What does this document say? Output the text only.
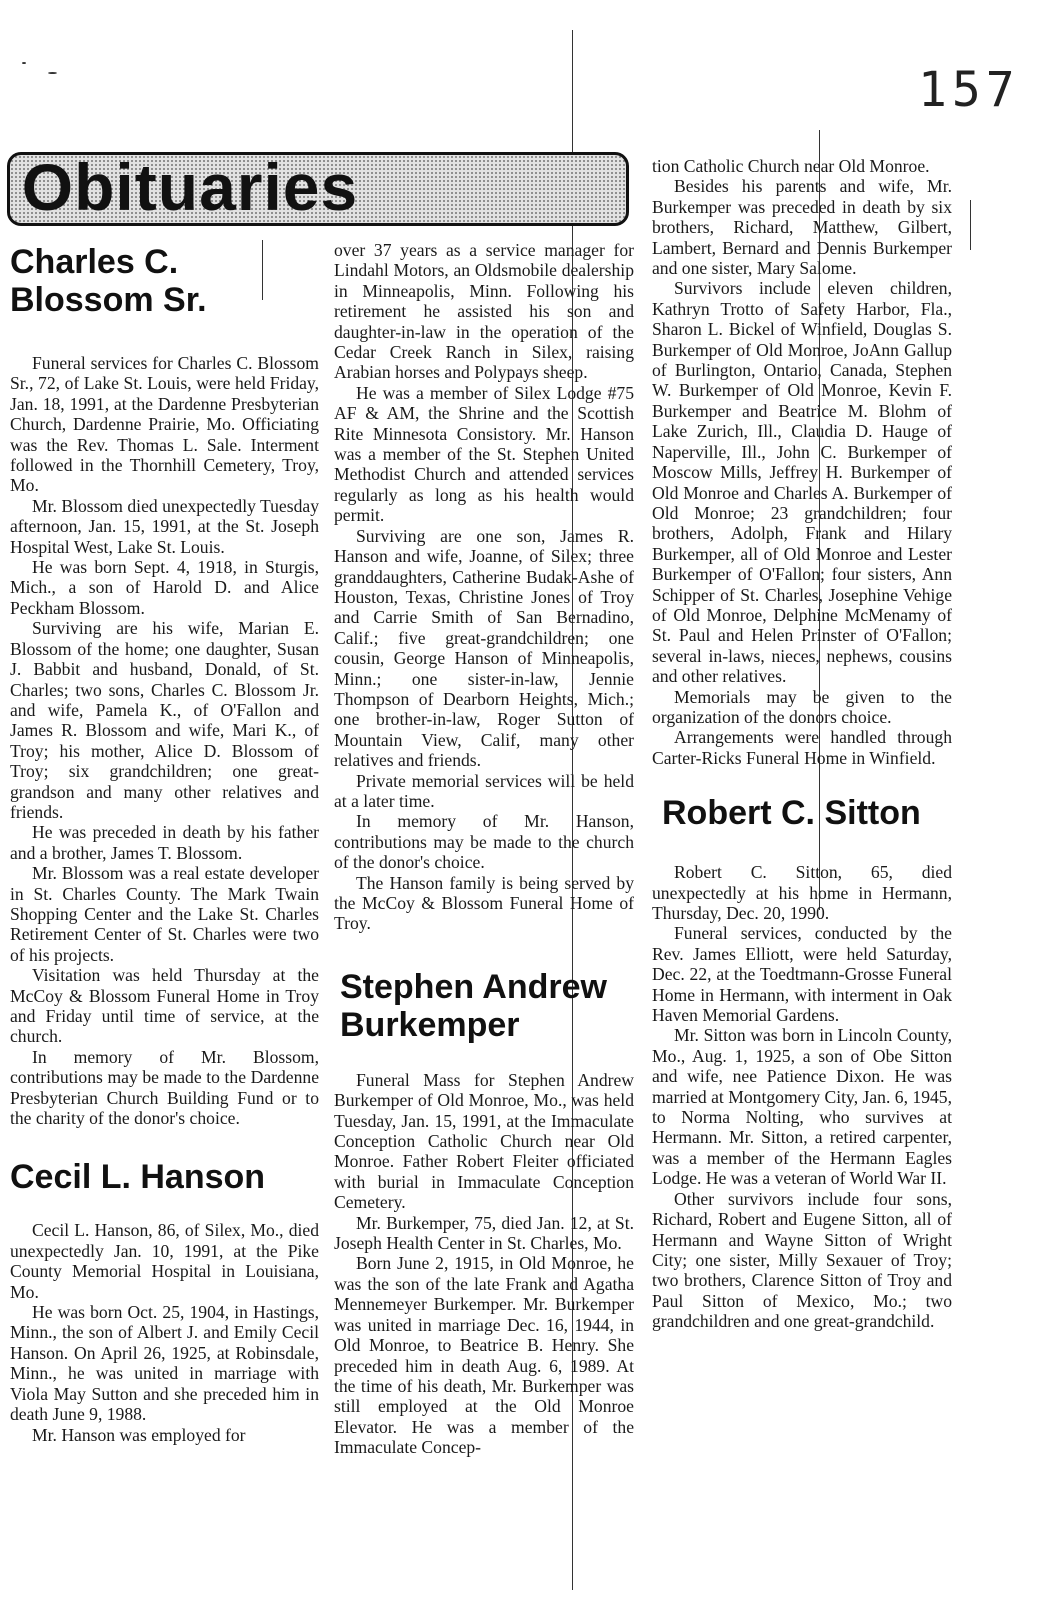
157
Obituaries
Charles C.
Blossom Sr.

Funeral services for Charles C. Blossom Sr., 72, of Lake St. Louis, were held Friday, Jan. 18, 1991, at the Dardenne Presbyterian Church, Dardenne Prairie, Mo. Officiating was the Rev. Thomas L. Sale. Interment followed in the Thornhill Cemetery, Troy, Mo.

Mr. Blossom died unexpectedly Tuesday afternoon, Jan. 15, 1991, at the St. Joseph Hospital West, Lake St. Louis.

He was born Sept. 4, 1918, in Sturgis, Mich., a son of Harold D. and Alice Peckham Blossom.

Surviving are his wife, Marian E. Blossom of the home; one daughter, Susan J. Babbit and husband, Donald, of St. Charles; two sons, Charles C. Blossom Jr. and wife, Pamela K., of O'Fallon and James R. Blossom and wife, Mari K., of Troy; his mother, Alice D. Blossom of Troy; six grandchildren; one great-grandson and many other relatives and friends.

He was preceded in death by his father and a brother, James T. Blossom.

Mr. Blossom was a real estate developer in St. Charles County. The Mark Twain Shopping Center and the Lake St. Charles Retirement Center of St. Charles were two of his projects.

Visitation was held Thursday at the McCoy & Blossom Funeral Home in Troy and Friday until time of service, at the church.

In memory of Mr. Blossom, contributions may be made to the Dardenne Presbyterian Church Building Fund or to the charity of the donor's choice.

Cecil L. Hanson

Cecil L. Hanson, 86, of Silex, Mo., died unexpectedly Jan. 10, 1991, at the Pike County Memorial Hospital in Louisiana, Mo.

He was born Oct. 25, 1904, in Hastings, Minn., the son of Albert J. and Emily Cecil Hanson. On April 26, 1925, at Robinsdale, Minn., he was united in marriage with Viola May Sutton and she preceded him in death June 9, 1988.

Mr. Hanson was employed for

over 37 years as a service manager for Lindahl Motors, an Oldsmobile dealership in Minneapolis, Minn. Following his retirement he assisted his son and daughter-in-law in the operation of the Cedar Creek Ranch in Silex, raising Arabian horses and Polypays sheep.

He was a member of Silex Lodge #75 AF & AM, the Shrine and the Scottish Rite Minnesota Consistory. Mr. Hanson was a member of the St. Stephen United Methodist Church and attended services regularly as long as his health would permit.

Surviving are one son, James R. Hanson and wife, Joanne, of Silex; three granddaughters, Catherine Budak-Ashe of Houston, Texas, Christine Jones of Troy and Carrie Smith of San Bernadino, Calif.; five great-grandchildren; one cousin, George Hanson of Minneapolis, Minn.; one sister-in-law, Jennie Thompson of Dearborn Heights, Mich.; one brother-in-law, Roger Sutton of Mountain View, Calif, many other relatives and friends.

Private memorial services will be held at a later time.

In memory of Mr. Hanson, contributions may be made to the church of the donor's choice.

The Hanson family is being served by the McCoy & Blossom Funeral Home of Troy.

Stephen Andrew
Burkemper

Funeral Mass for Stephen Andrew Burkemper of Old Monroe, Mo., was held Tuesday, Jan. 15, 1991, at the Immaculate Conception Catholic Church near Old Monroe. Father Robert Fleiter officiated with burial in Immaculate Conception Cemetery.

Mr. Burkemper, 75, died Jan. 12, at St. Joseph Health Center in St. Charles, Mo.

Born June 2, 1915, in Old Monroe, he was the son of the late Frank and Agatha Mennemeyer Burkemper. Mr. Burkemper was united in marriage Dec. 16, 1944, in Old Monroe, to Beatrice B. Henry. She preceded him in death Aug. 6, 1989. At the time of his death, Mr. Burkemper was still employed at the Old Monroe Elevator. He was a member of the Immaculate Concep-

tion Catholic Church near Old Monroe.

Besides his parents and wife, Mr. Burkemper was preceded in death by six brothers, Richard, Matthew, Gilbert, Lambert, Bernard and Dennis Burkemper and one sister, Mary Salome.

Survivors include eleven children, Kathryn Trotto of Safety Harbor, Fla., Sharon L. Bickel of Winfield, Douglas S. Burkemper of Old Monroe, JoAnn Gallup of Burlington, Ontario, Canada, Stephen W. Burkemper of Old Monroe, Kevin F. Burkemper and Beatrice M. Blohm of Lake Zurich, Ill., Claudia D. Hauge of Naperville, Ill., John C. Burkemper of Moscow Mills, Jeffrey H. Burkemper of Old Monroe and Charles A. Burkemper of Old Monroe; 23 grandchildren; four brothers, Adolph, Frank and Hilary Burkemper, all of Old Monroe and Lester Burkemper of O'Fallon; four sisters, Ann Schipper of St. Charles, Josephine Vehige of Old Monroe, Delphine McMenamy of St. Paul and Helen Prinster of O'Fallon; several in-laws, nieces, nephews, cousins and other relatives.

Memorials may be given to the organization of the donors choice.

Arrangements were handled through Carter-Ricks Funeral Home in Winfield.

Robert C. Sitton

Robert C. Sitton, 65, died unexpectedly at his home in Hermann, Thursday, Dec. 20, 1990.

Funeral services, conducted by the Rev. James Elliott, were held Saturday, Dec. 22, at the Toedtmann-Grosse Funeral Home in Hermann, with interment in Oak Haven Memorial Gardens.

Mr. Sitton was born in Lincoln County, Mo., Aug. 1, 1925, a son of Obe Sitton and wife, nee Patience Dixon. He was married at Montgomery City, Jan. 6, 1945, to Norma Nolting, who survives at Hermann. Mr. Sitton, a retired carpenter, was a member of the Hermann Eagles Lodge. He was a veteran of World War II.

Other survivors include four sons, Richard, Robert and Eugene Sitton, all of Hermann and Wayne Sitton of Wright City; one sister, Milly Sexauer of Troy; two brothers, Clarence Sitton of Troy and Paul Sitton of Mexico, Mo.; two grandchildren and one great-grandchild.
